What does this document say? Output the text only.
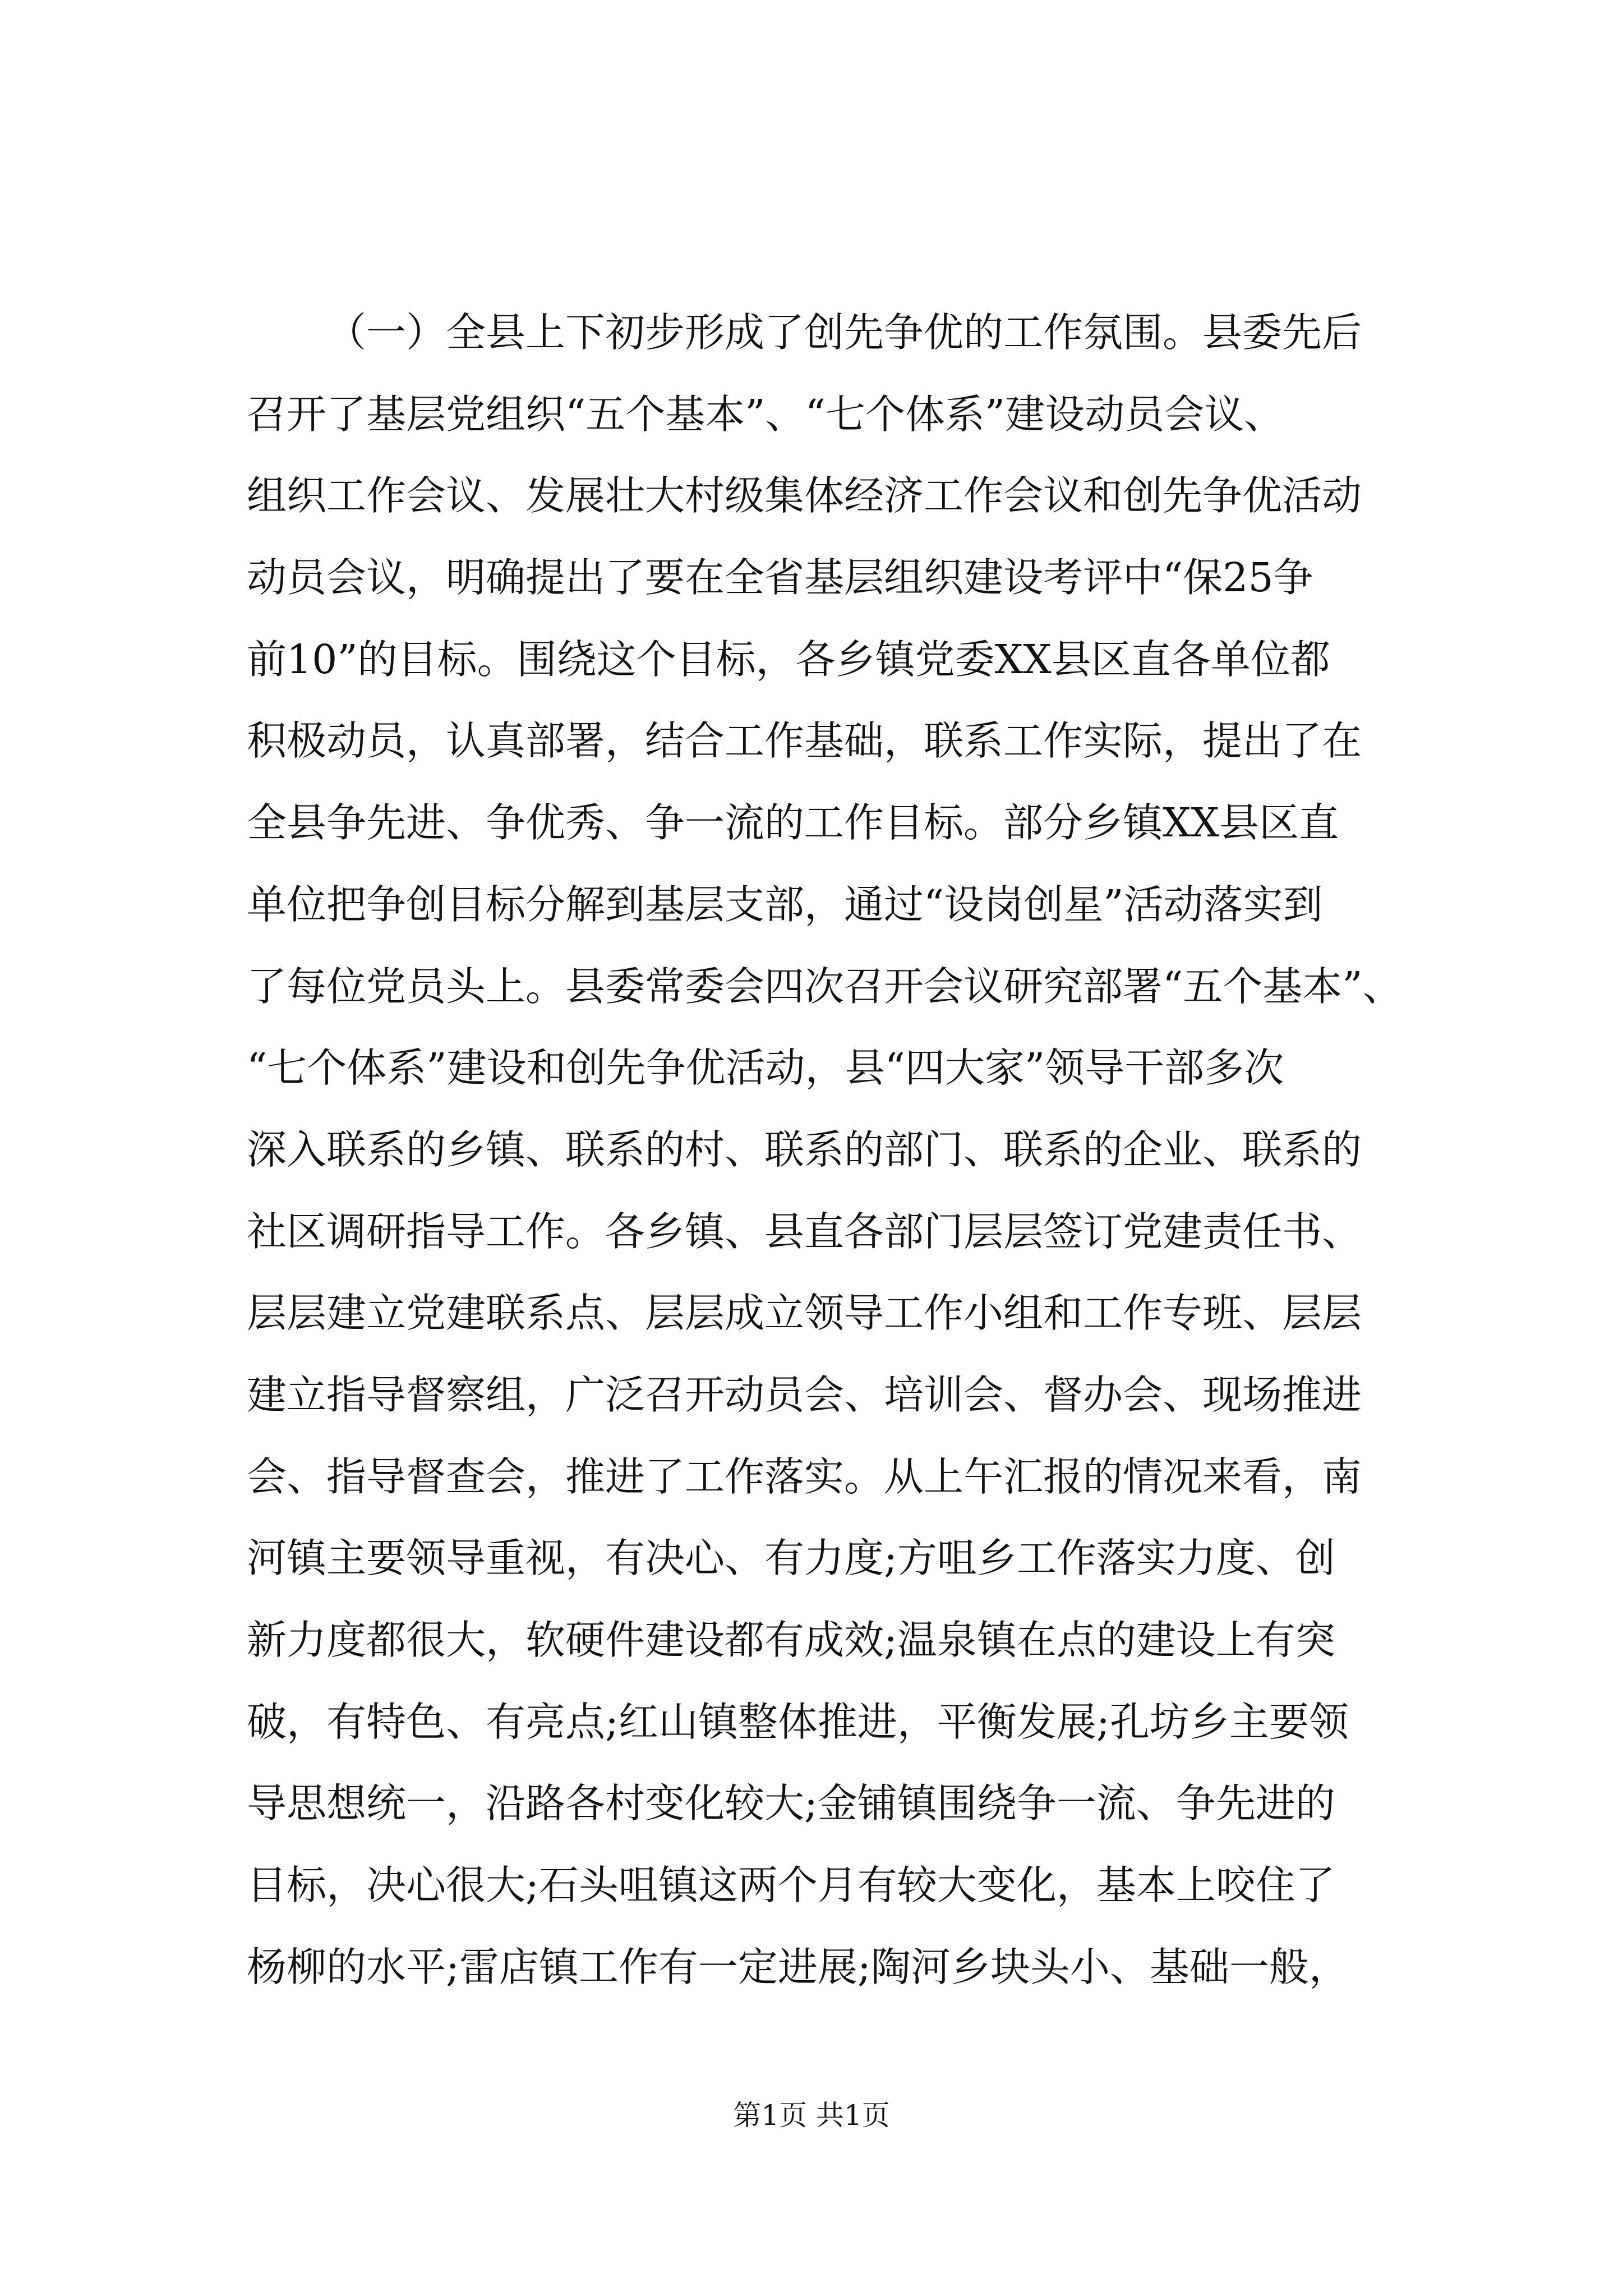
（一）全县上下初步形成了创先争优的工作氛围。县委先后
召开了基层党组织“五个基本”、“七个体系”建设动员会议、
组织工作会议、发展壮大村级集体经济工作会议和创先争优活动
动员会议，明确提出了要在全省基层组织建设考评中“保25争
前10”的目标。围绕这个目标，各乡镇党委XX县区直各单位都
积极动员，认真部署，结合工作基础，联系工作实际，提出了在
全县争先进、争优秀、争一流的工作目标。部分乡镇XX县区直
单位把争创目标分解到基层支部，通过“设岗创星”活动落实到
了每位党员头上。县委常委会四次召开会议研究部署“五个基本”、
“七个体系”建设和创先争优活动，县“四大家”领导干部多次
深入联系的乡镇、联系的村、联系的部门、联系的企业、联系的
社区调研指导工作。各乡镇、县直各部门层层签订党建责任书、
层层建立党建联系点、层层成立领导工作小组和工作专班、层层
建立指导督察组，广泛召开动员会、培训会、督办会、现场推进
会、指导督查会，推进了工作落实。从上午汇报的情况来看，南
河镇主要领导重视，有决心、有力度;方咀乡工作落实力度、创
新力度都很大，软硬件建设都有成效;温泉镇在点的建设上有突
破，有特色、有亮点;红山镇整体推进，平衡发展;孔坊乡主要领
导思想统一，沿路各村变化较大;金铺镇围绕争一流、争先进的
目标，决心很大;石头咀镇这两个月有较大变化，基本上咬住了
杨柳的水平;雷店镇工作有一定进展;陶河乡块头小、基础一般，
第1页 共1页
